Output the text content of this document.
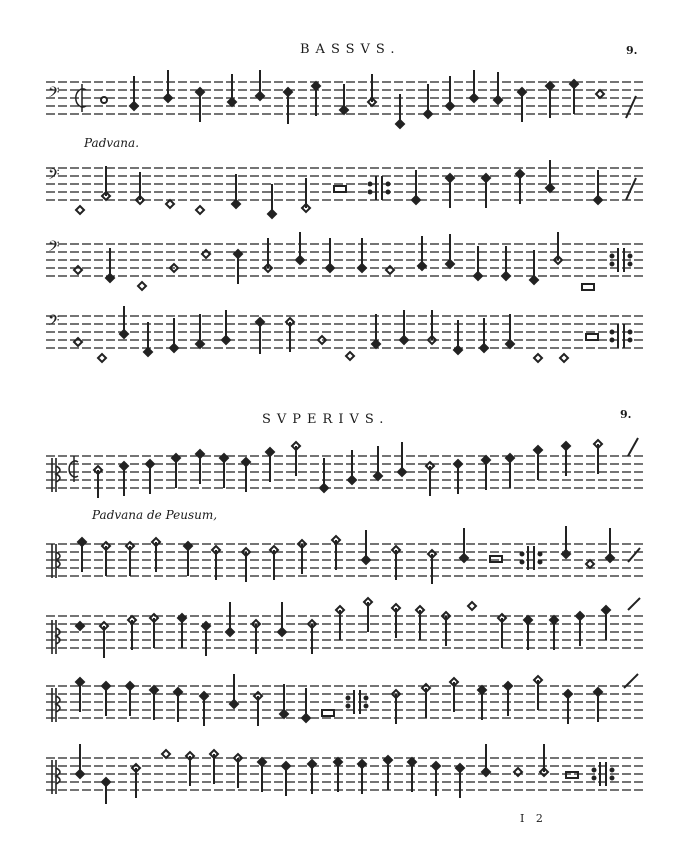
BASSVS.	9.
Padvana.
𝄢
𝄢
𝄢
𝄢
SVPERIVS.	9.
Padvana de Peusum,
I 2
